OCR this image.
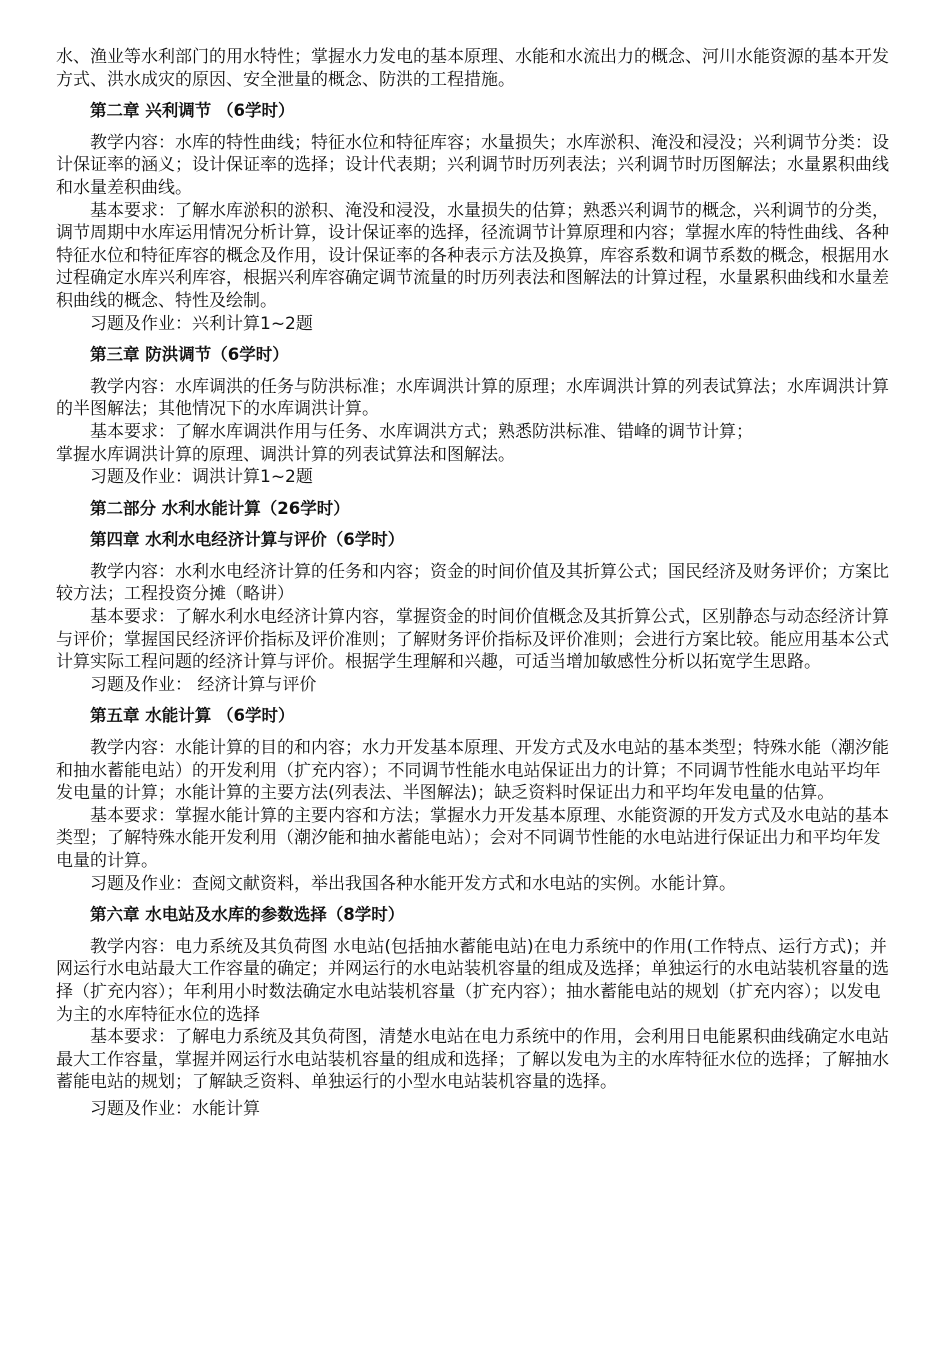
水、渔业等水利部门的用水特性；掌握水力发电的基本原理、水能和水流出力的概念、河川水能资源的基本开发方式、洪水成灾的原因、安全泄量的概念、防洪的工程措施。

第二章 兴利调节 （6学时）

教学内容：水库的特性曲线；特征水位和特征库容；水量损失；水库淤积、淹没和浸没；兴利调节分类：设计保证率的涵义；设计保证率的选择；设计代表期；兴利调节时历列表法；兴利调节时历图解法；水量累积曲线和水量差积曲线。

基本要求：了解水库淤积的淤积、淹没和浸没，水量损失的估算；熟悉兴利调节的概念，兴利调节的分类，调节周期中水库运用情况分析计算，设计保证率的选择，径流调节计算原理和内容；掌握水库的特性曲线、各种特征水位和特征库容的概念及作用，设计保证率的各种表示方法及换算，库容系数和调节系数的概念，根据用水过程确定水库兴利库容，根据兴利库容确定调节流量的时历列表法和图解法的计算过程，水量累积曲线和水量差积曲线的概念、特性及绘制。

习题及作业：兴利计算1~2题

第三章 防洪调节（6学时）

教学内容：水库调洪的任务与防洪标准；水库调洪计算的原理；水库调洪计算的列表试算法；水库调洪计算的半图解法；其他情况下的水库调洪计算。

基本要求：了解水库调洪作用与任务、水库调洪方式；熟悉防洪标准、错峰的调节计算；

掌握水库调洪计算的原理、调洪计算的列表试算法和图解法。

习题及作业：调洪计算1~2题

第二部分 水利水能计算（26学时）
第四章 水利水电经济计算与评价（6学时）

教学内容：水利水电经济计算的任务和内容；资金的时间价值及其折算公式；国民经济及财务评价；方案比较方法；工程投资分摊（略讲）

基本要求：了解水利水电经济计算内容，掌握资金的时间价值概念及其折算公式，区别静态与动态经济计算与评价；掌握国民经济评价指标及评价准则；了解财务评价指标及评价准则；会进行方案比较。能应用基本公式计算实际工程问题的经济计算与评价。根据学生理解和兴趣，可适当增加敏感性分析以拓宽学生思路。

习题及作业： 经济计算与评价

第五章 水能计算 （6学时）

教学内容：水能计算的目的和内容；水力开发基本原理、开发方式及水电站的基本类型；特殊水能（潮汐能和抽水蓄能电站）的开发利用（扩充内容）；不同调节性能水电站保证出力的计算；不同调节性能水电站平均年发电量的计算；水能计算的主要方法(列表法、半图解法)；缺乏资料时保证出力和平均年发电量的估算。

基本要求：掌握水能计算的主要内容和方法；掌握水力开发基本原理、水能资源的开发方式及水电站的基本类型；了解特殊水能开发利用（潮汐能和抽水蓄能电站）；会对不同调节性能的水电站进行保证出力和平均年发电量的计算。

习题及作业：查阅文献资料，举出我国各种水能开发方式和水电站的实例。水能计算。

第六章 水电站及水库的参数选择（8学时）

教学内容：电力系统及其负荷图 水电站(包括抽水蓄能电站)在电力系统中的作用(工作特点、运行方式)；并网运行水电站最大工作容量的确定；并网运行的水电站装机容量的组成及选择；单独运行的水电站装机容量的选择（扩充内容）；年利用小时数法确定水电站装机容量（扩充内容）；抽水蓄能电站的规划（扩充内容）；以发电为主的水库特征水位的选择

基本要求：了解电力系统及其负荷图，清楚水电站在电力系统中的作用，会利用日电能累积曲线确定水电站最大工作容量，掌握并网运行水电站装机容量的组成和选择；了解以发电为主的水库特征水位的选择；了解抽水蓄能电站的规划；了解缺乏资料、单独运行的小型水电站装机容量的选择。

习题及作业：水能计算
